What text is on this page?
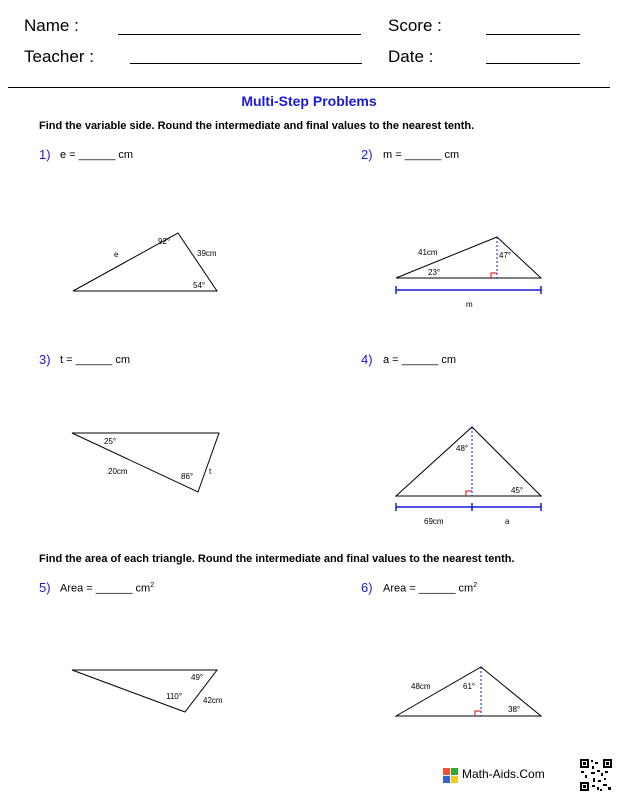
Name :
Teacher :
Score :
Date :
Multi-Step Problems
Find the variable side. Round the intermediate and final values to the nearest tenth.
1) e = ______ cm
92°
e	39cm
54°
2) m = ______ cm
41cm	47°
23°
m
3) t = ______ cm
25°
20cm
86°
t
4) a = ______ cm
48°
45°
69cm	a
Find the area of each triangle. Round the intermediate and final values to the nearest tenth.
5) Area = ______ $cm^2$
49°
110°	42cm
6) Area = ______ $cm^2$
48cm	61°
38°
Math-Aids.Com
